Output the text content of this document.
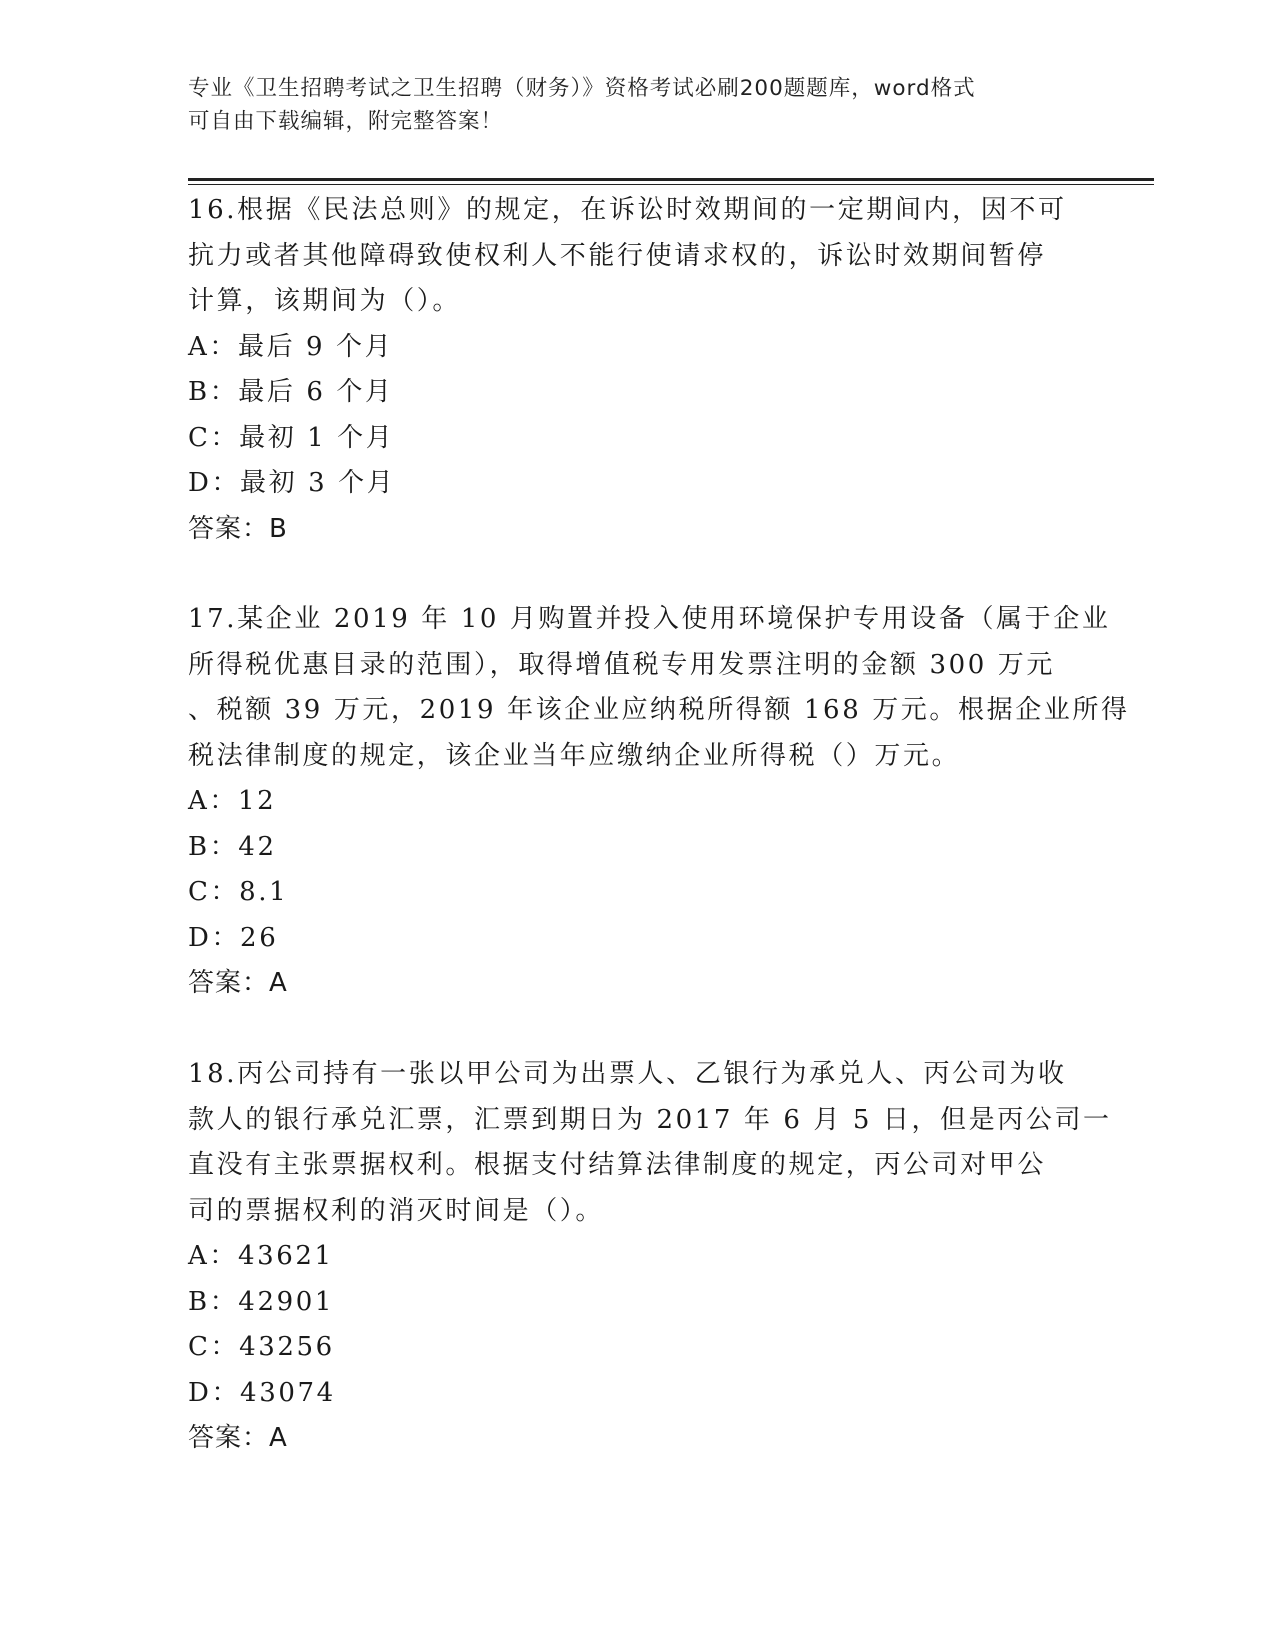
专业《卫生招聘考试之卫生招聘（财务）》资格考试必刷200题题库，word格式
可自由下载编辑，附完整答案！
16.根据《民法总则》的规定，在诉讼时效期间的一定期间内，因不可
抗力或者其他障碍致使权利人不能行使请求权的，诉讼时效期间暂停
计算，该期间为（）。
A：最后 9 个月
B：最后 6 个月
C：最初 1 个月
D：最初 3 个月
答案：B
17.某企业 2019 年 10 月购置并投入使用环境保护专用设备（属于企业
所得税优惠目录的范围），取得增值税专用发票注明的金额 300 万元
、税额 39 万元，2019 年该企业应纳税所得额 168 万元。根据企业所得
税法律制度的规定，该企业当年应缴纳企业所得税（）万元。
A：12
B：42
C：8.1
D：26
答案：A
18.丙公司持有一张以甲公司为出票人、乙银行为承兑人、丙公司为收
款人的银行承兑汇票，汇票到期日为 2017 年 6 月 5 日，但是丙公司一
直没有主张票据权利。根据支付结算法律制度的规定，丙公司对甲公
司的票据权利的消灭时间是（）。
A：43621
B：42901
C：43256
D：43074
答案：A
